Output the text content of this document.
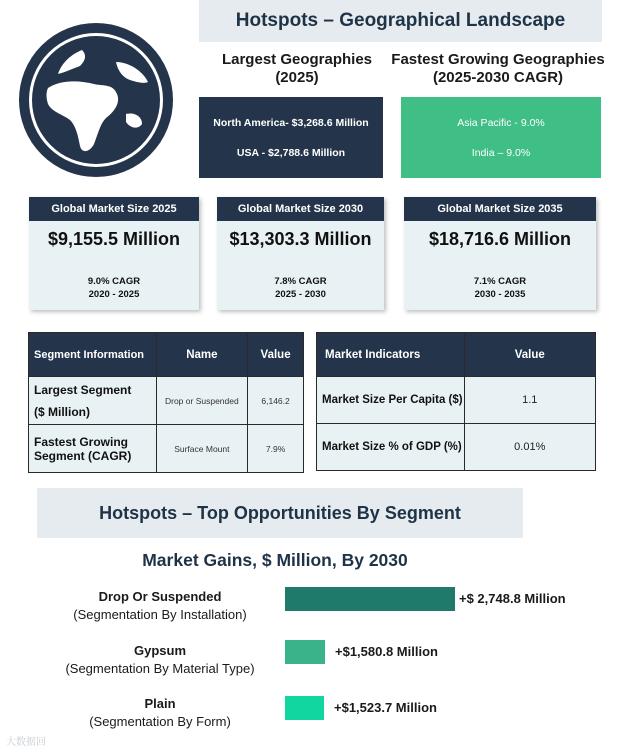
Hotspots – Geographical Landscape
Largest Geographies (2025)
Fastest Growing Geographies (2025-2030 CAGR)
North America- $3,268.6 Million
USA - $2,788.6 Million
Asia Pacific - 9.0%
India – 9.0%
Global Market Size 2025
$9,155.5 Million
9.0% CAGR
2020 - 2025
Global Market Size 2030
$13,303.3 Million
7.8% CAGR
2025 - 2030
Global Market Size 2035
$18,716.6 Million
7.1% CAGR
2030 - 2035
Segment Information	Name	Value
Largest Segment
($ Million)	Drop or Suspended	6,146.2
Fastest Growing Segment (CAGR)	Surface Mount	7.9%
Market Indicators	Value
Market Size Per Capita ($)	1.1
Market Size % of GDP (%)	0.01%
Hotspots – Top Opportunities By Segment
Market Gains, $ Million, By 2030
Drop Or Suspended
(Segmentation By Installation)
Gypsum
(Segmentation By Material Type)
Plain
(Segmentation By Form)
+$ 2,748.8 Million
+$1,580.8 Million
+$1,523.7 Million
大数据回
